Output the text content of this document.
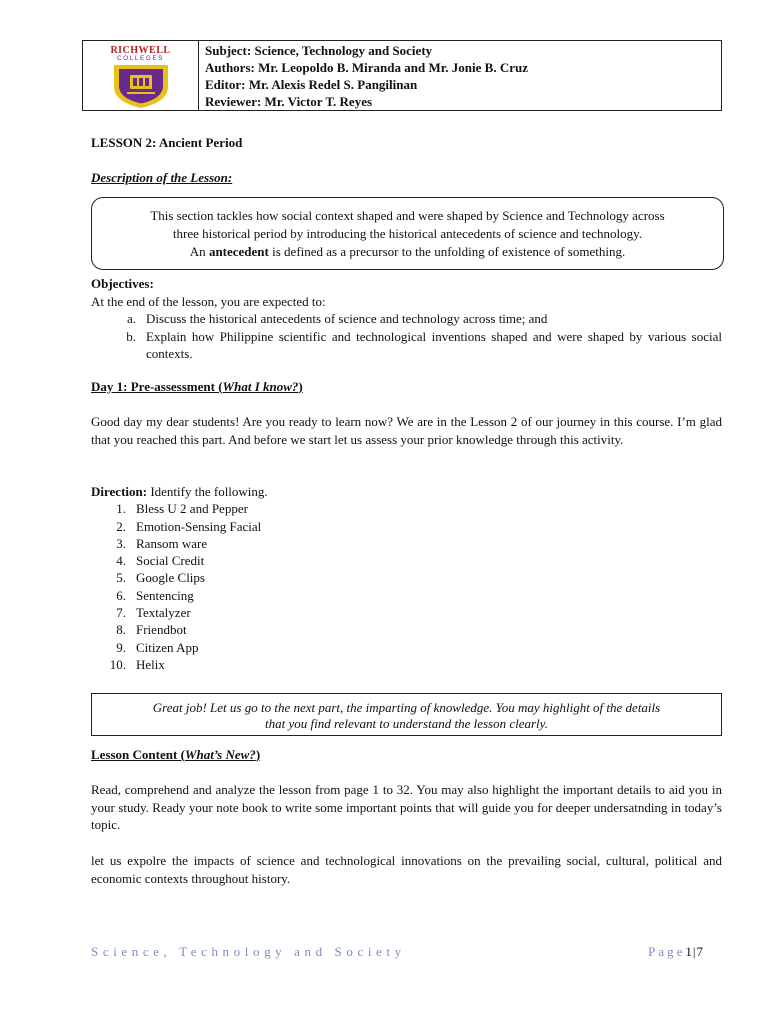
RICHWELL
COLLEGES
Subject: Science, Technology and Society
Authors: Mr. Leopoldo B. Miranda and Mr. Jonie B. Cruz
Editor: Mr. Alexis Redel S. Pangilinan
Reviewer: Mr. Victor T. Reyes
LESSON 2: Ancient Period
Description of the Lesson:
This section tackles how social context shaped and were shaped by Science and Technology across
three historical period by introducing the historical antecedents of science and technology.
An antecedent is defined as a precursor to the unfolding of existence of something.
Objectives:
At the end of the lesson, you are expected to:
a. Discuss the historical antecedents of science and technology across time; and
b. Explain how Philippine scientific and technological inventions shaped and were shaped by various social contexts.
Day 1: Pre-assessment (What I know?)
Good day my dear students! Are you ready to learn now? We are in the Lesson 2 of our journey in this course. I’m glad that you reached this part. And before we start let us assess your prior knowledge through this activity.
Direction: Identify the following.
1. Bless U 2 and Pepper
2. Emotion-Sensing Facial
3. Ransom ware
4. Social Credit
5. Google Clips
6. Sentencing
7. Textalyzer
8. Friendbot
9. Citizen App
10. Helix
Great job! Let us go to the next part, the imparting of knowledge. You may highlight of the details
that you find relevant to understand the lesson clearly.
Lesson Content (What’s New?)
Read, comprehend and analyze the lesson from page 1 to 32. You may also highlight the important details to aid you in your study. Ready your note book to write some important points that will guide you for deeper undersatnding in today’s topic.
let us expolre the impacts of science and technological innovations on the prevailing social, cultural, political and economic contexts throughout history.
Science, Technology and Society	Page1|7
